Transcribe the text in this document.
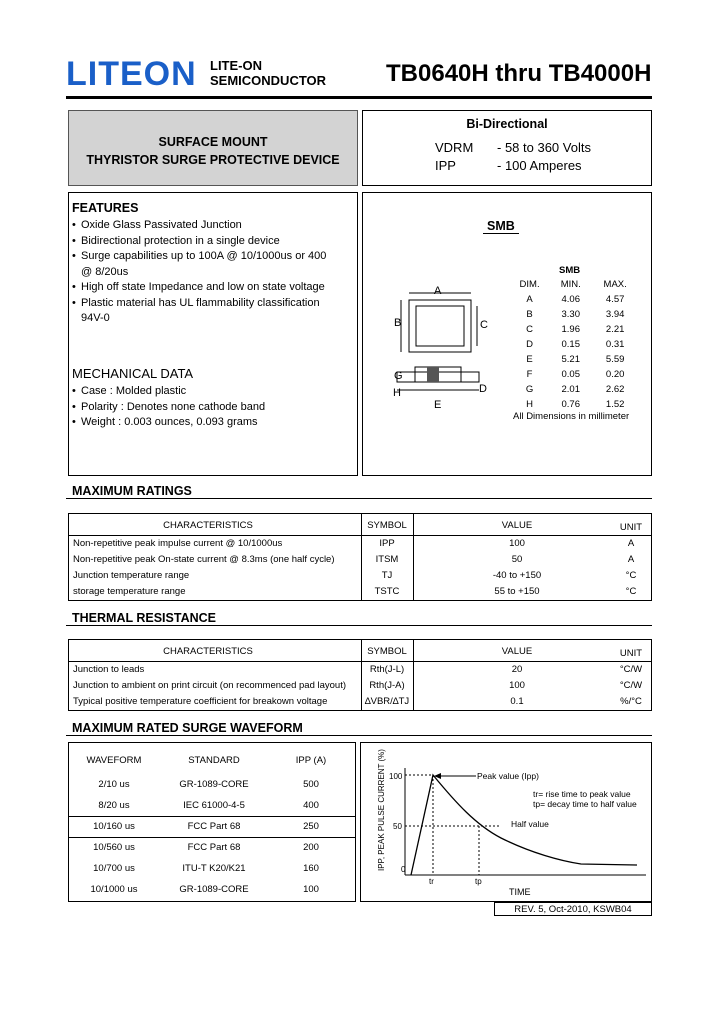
LITEON LITE-ON
SEMICONDUCTOR TB0640H thru TB4000H
SURFACE MOUNT
THYRISTOR SURGE PROTECTIVE DEVICE
Bi-Directional
VDRM - 58 to 360 Volts
IPP	- 100 Amperes
FEATURES
• Oxide Glass Passivated Junction
• Bidirectional protection in a single device
• Surge capabilities up to 100A @ 10/1000us or 400
@ 8/20us
• High off state Impedance and low on state voltage
• Plastic material has UL flammability classification
94V-0
MECHANICAL DATA
• Case : Molded plastic
• Polarity : Denotes none cathode band
• Weight : 0.003 ounces, 0.093 grams
SMB
A
B	C
G
H
E
D
SMB
DIM.	MIN.	MAX.
A	4.06	4.57
B	3.30	3.94
C	1.96	2.21
D	0.15	0.31
E	5.21	5.59
F	0.05	0.20
G	2.01	2.62
H	0.76	1.52
All Dimensions in millimeter
MAXIMUM RATINGS
CHARACTERISTICS	SYMBOL	VALUE	UNIT
Non-repetitive peak impulse current @ 10/1000us	IPP	100	A
Non-repetitive peak On-state current @ 8.3ms (one half cycle)	ITSM	50	A
Junction temperature range	TJ	-40 to +150	°C
storage temperature range	TSTC	55 to +150	°C
THERMAL RESISTANCE
CHARACTERISTICS	SYMBOL	VALUE	UNIT
Junction to leads	Rth(J-L)	20	°C/W
Junction to ambient on print circuit (on recommenced pad layout)	Rth(J-A)	100	°C/W
Typical positive temperature coefficient for breakown voltage	∆VBR/∆TJ	0.1	%/°C
MAXIMUM RATED SURGE WAVEFORM
WAVEFORM	STANDARD	IPP (A)
2/10 us	GR-1089-CORE	500
8/20 us	IEC 61000-4-5	400
10/160 us	FCC Part 68	250
10/560 us	FCC Part 68	200
10/700 us	ITU-T K20/K21	160
10/1000 us	GR-1089-CORE	100
IPP, PEAK PULSE CURRENT (%) 100
50
0
tr	tp
TIME
Peak value (Ipp)
tr= rise time to peak value
tp= decay time to half value
Half value
REV. 5, Oct-2010, KSWB04
